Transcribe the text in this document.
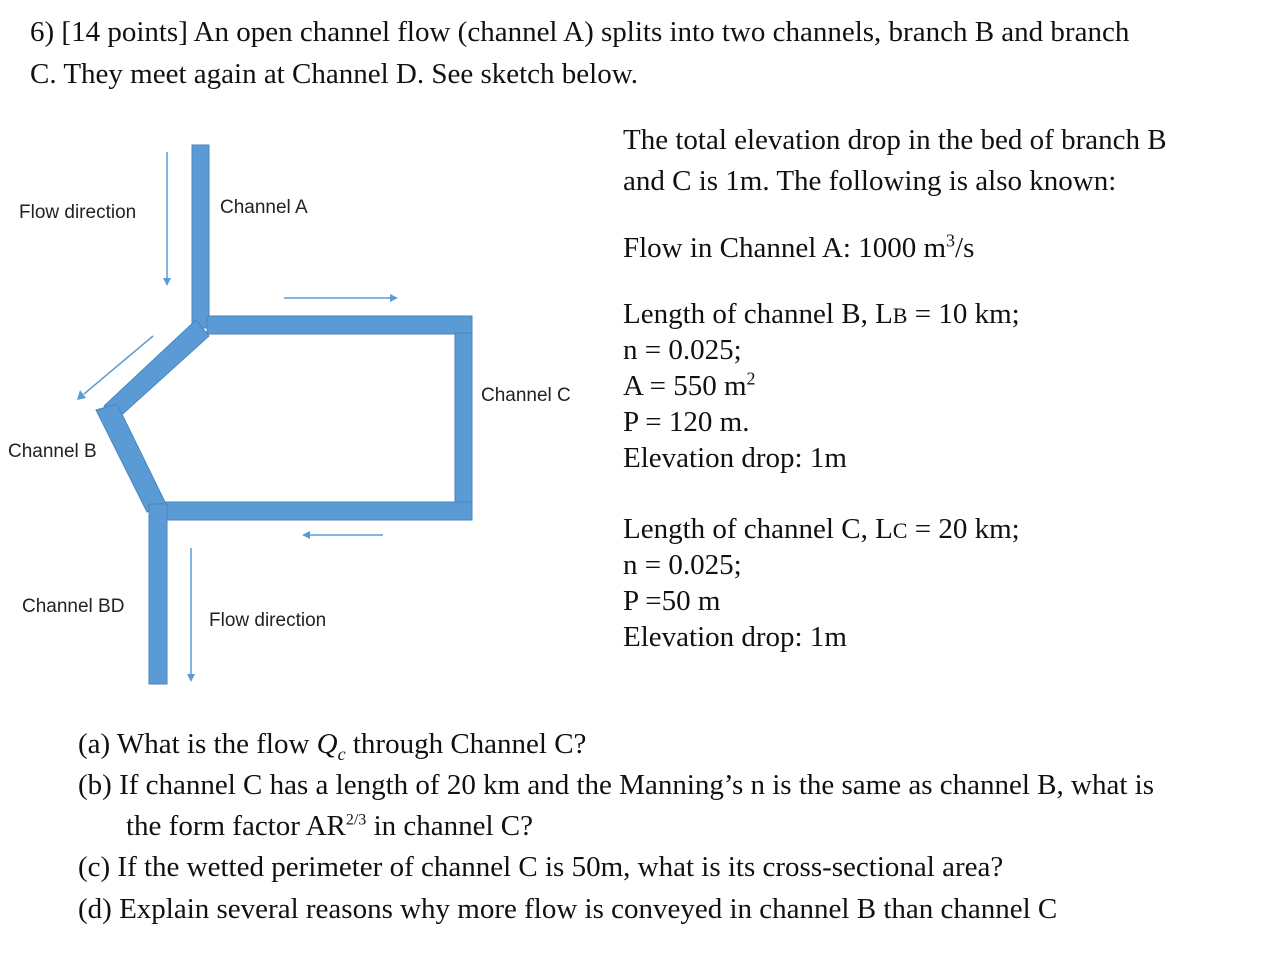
6) [14 points] An open channel flow (channel A) splits into two channels, branch B and branch
C. They meet again at Channel D. See sketch below.
Flow direction	Channel A
Channel B
Channel C
Channel BD
Flow direction
The total elevation drop in the bed of branch B
and C is 1m. The following is also known:
Flow in Channel A: 1000 $m^3/s$
Length of channel B, LB = 10 km;
n = 0.025;
A = 550 $m^2$
P = 120 m.
Elevation drop: 1m
Length of channel C, LC = 20 km;
n = 0.025;
P =50 m
Elevation drop: 1m
(a) What is the flow $Q_c$ through Channel C?
(b) If channel C has a length of 20 km and the Manning’s n is the same as channel B, what is
the form factor $AR^{2/3}$ in channel C?
(c) If the wetted perimeter of channel C is 50m, what is its cross-sectional area?
(d) Explain several reasons why more flow is conveyed in channel B than channel C
